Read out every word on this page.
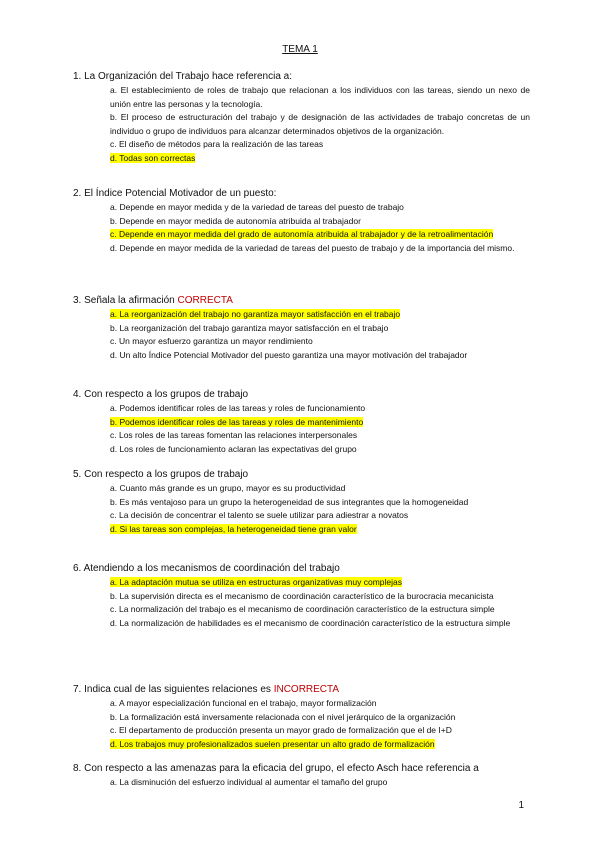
TEMA 1

1. La Organización del Trabajo hace referencia a:

a. El establecimiento de roles de trabajo que relacionan a los individuos con las tareas, siendo un nexo de unión entre las personas y la tecnología.

b. El proceso de estructuración del trabajo y de designación de las actividades de trabajo concretas de un individuo o grupo de individuos para alcanzar determinados objetivos de la organización.

c. El diseño de métodos para la realización de las tareas

d. Todas son correctas

2. El Índice Potencial Motivador de un puesto:

a. Depende en mayor medida y de la variedad de tareas del puesto de trabajo

b. Depende en mayor medida de autonomía atribuida al trabajador

c. Depende en mayor medida del grado de autonomía atribuida al trabajador y de la retroalimentación

d. Depende en mayor medida de la variedad de tareas del puesto de trabajo y de la importancia del mismo.

3. Señala la afirmación CORRECTA

a. La reorganización del trabajo no garantiza mayor satisfacción en el trabajo

b. La reorganización del trabajo garantiza mayor satisfacción en el trabajo

c. Un mayor esfuerzo garantiza un mayor rendimiento

d. Un alto Índice Potencial Motivador del puesto garantiza una mayor motivación del trabajador

4. Con respecto a los grupos de trabajo

a. Podemos identificar roles de las tareas y roles de funcionamiento

b. Podemos identificar roles de las tareas y roles de mantenimiento

c. Los roles de las tareas fomentan las relaciones interpersonales

d. Los roles de funcionamiento aclaran las expectativas del grupo

5. Con respecto a los grupos de trabajo

a. Cuanto más grande es un grupo, mayor es su productividad

b. Es más ventajoso para un grupo la heterogeneidad de sus integrantes que la homogeneidad

c. La decisión de concentrar el talento se suele utilizar para adiestrar a novatos

d. Si las tareas son complejas, la heterogeneidad tiene gran valor

6. Atendiendo a los mecanismos de coordinación del trabajo

a. La adaptación mutua se utiliza en estructuras organizativas muy complejas

b. La supervisión directa es el mecanismo de coordinación característico de la burocracia mecanicista

c. La normalización del trabajo es el mecanismo de coordinación característico de la estructura simple

d. La normalización de habilidades es el mecanismo de coordinación característico de la estructura simple

7. Indica cual de las siguientes relaciones es INCORRECTA

a. A mayor especialización funcional en el trabajo, mayor formalización

b. La formalización está inversamente relacionada con el nivel jerárquico de la organización

c. El departamento de producción presenta un mayor grado de formalización que el de I+D

d. Los trabajos muy profesionalizados suelen presentar un alto grado de formalización

8. Con respecto a las amenazas para la eficacia del grupo, el efecto Asch hace referencia a

a. La disminución del esfuerzo individual al aumentar el tamaño del grupo

1
